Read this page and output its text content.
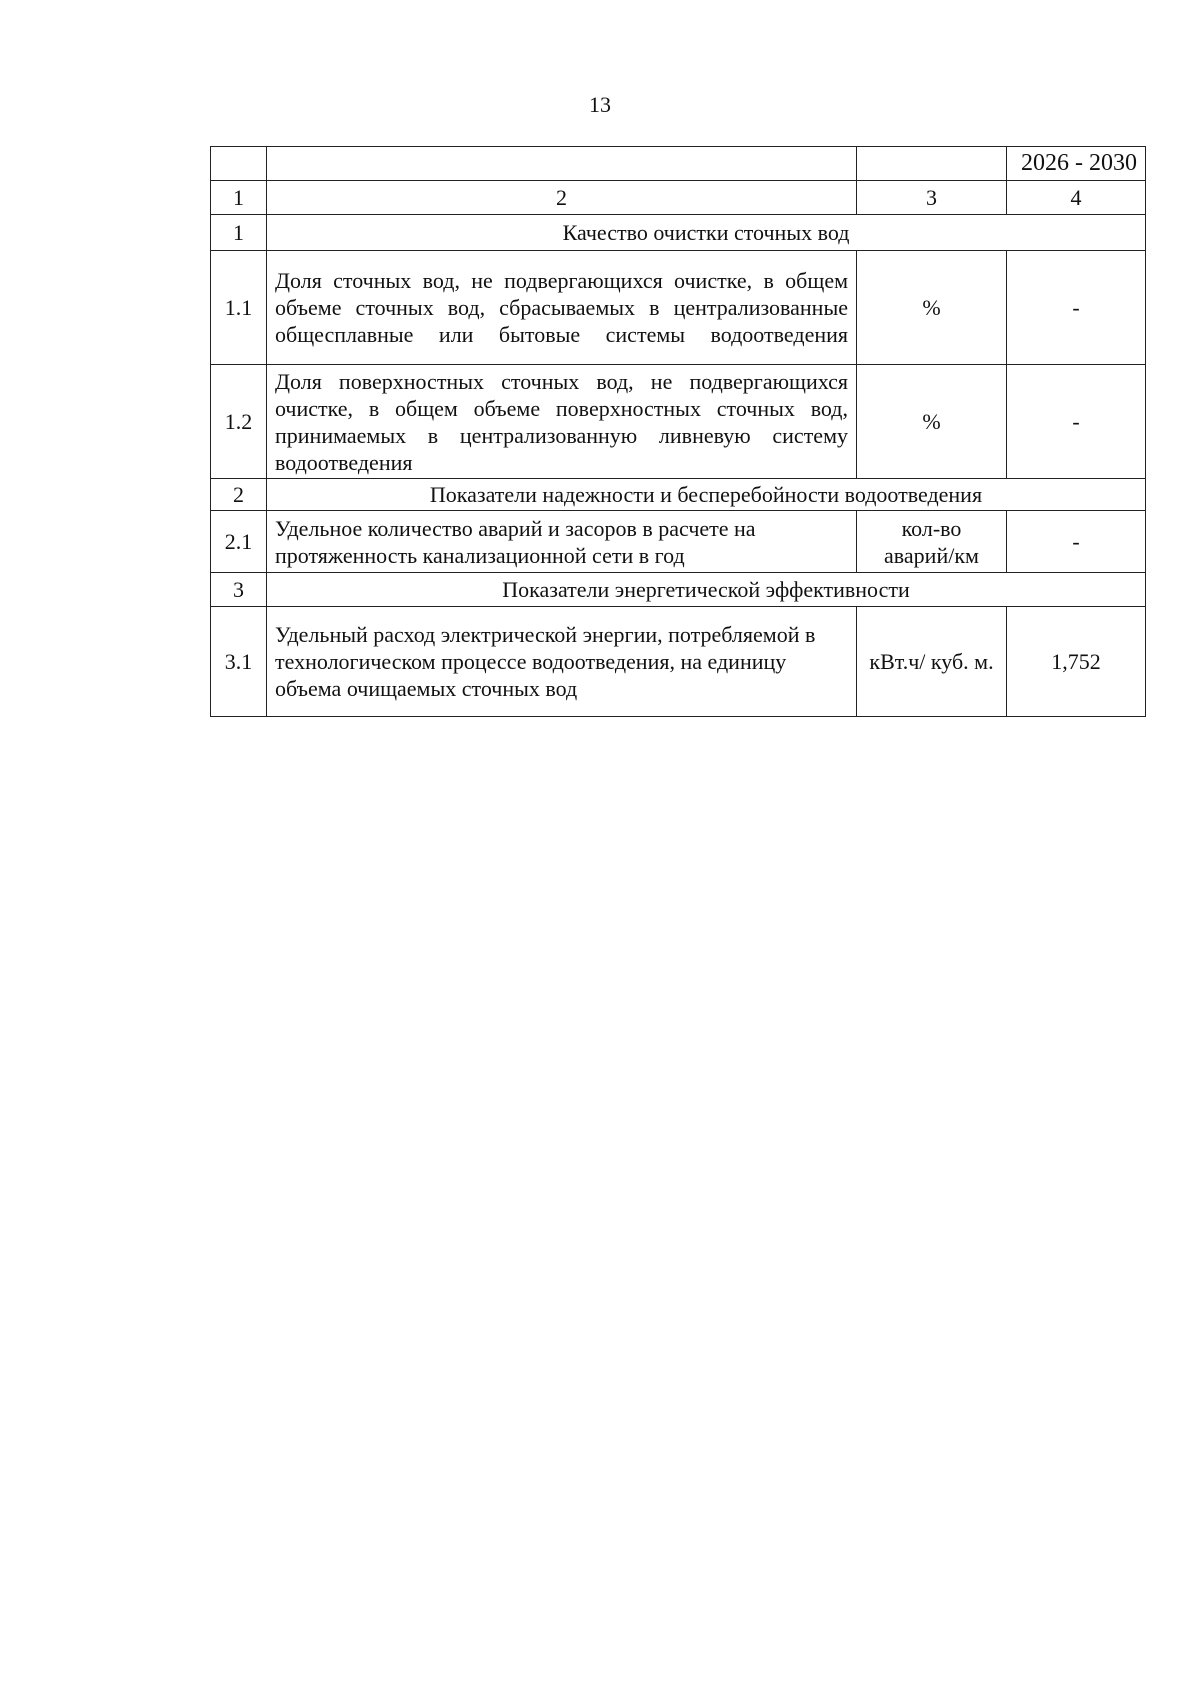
13
			2026 - 2030
1	2	3	4
1	Качество очистки сточных вод		
1.1	Доля сточных вод, не подвергающихся очистке, в общем объеме сточных вод, сбрасываемых в централизованные общесплавные или бытовые системы водоотведения	%	-
1.2	Доля поверхностных сточных вод, не подвергающихся очистке, в общем объеме поверхностных сточных вод, принимаемых в централизованную ливневую систему водоотведения	%	-
2	Показатели надежности и бесперебойности водоотведения		
2.1	Удельное количество аварий и засоров в расчете на протяженность канализационной сети в год	кол-во аварий/км	-
3	Показатели энергетической эффективности		
3.1	Удельный расход электрической энергии, потребляемой в технологическом процессе водоотведения, на единицу объема очищаемых сточных вод	кВт.ч/ куб. м.	1,752
